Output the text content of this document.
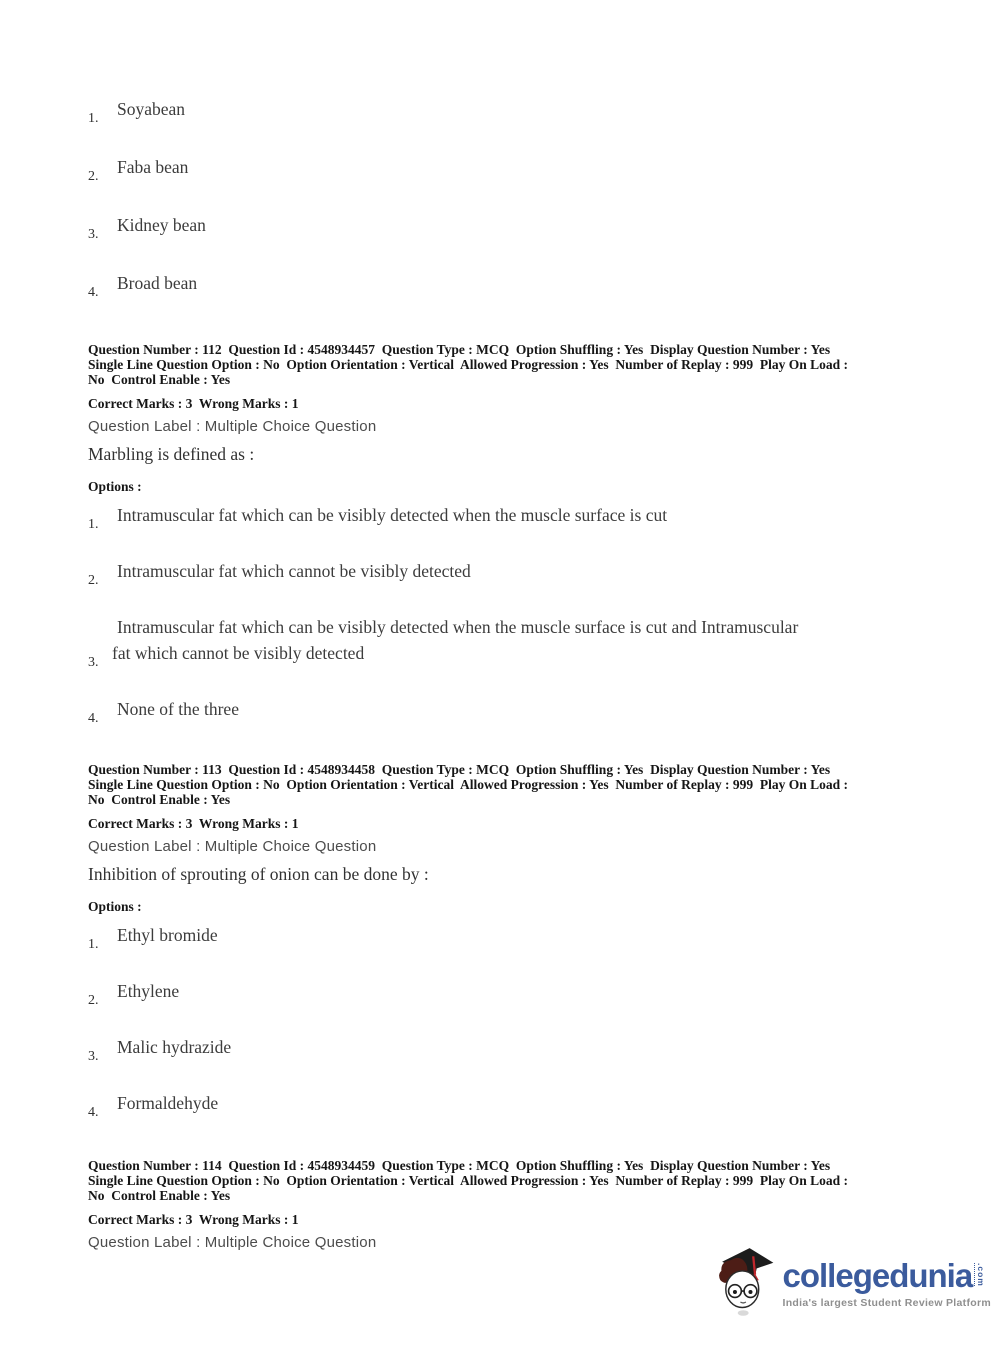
1. Soyabean
2. Faba bean
3. Kidney bean
4. Broad bean
Question Number : 112  Question Id : 4548934457  Question Type : MCQ  Option Shuffling : Yes  Display Question Number : Yes
Single Line Question Option : No  Option Orientation : Vertical  Allowed Progression : Yes  Number of Replay : 999  Play On Load :
No  Control Enable : Yes
Correct Marks : 3  Wrong Marks : 1
Question Label : Multiple Choice Question
Marbling is defined as :
Options :
1. Intramuscular fat which can be visibly detected when the muscle surface is cut
2. Intramuscular fat which cannot be visibly detected
3.
Intramuscular fat which can be visibly detected when the muscle surface is cut and Intramuscular fat which cannot be visibly detected
4. None of the three
Question Number : 113  Question Id : 4548934458  Question Type : MCQ  Option Shuffling : Yes  Display Question Number : Yes
Single Line Question Option : No  Option Orientation : Vertical  Allowed Progression : Yes  Number of Replay : 999  Play On Load :
No  Control Enable : Yes
Correct Marks : 3  Wrong Marks : 1
Question Label : Multiple Choice Question
Inhibition of sprouting of onion can be done by :
Options :
1. Ethyl bromide
2. Ethylene
3. Malic hydrazide
4. Formaldehyde
Question Number : 114  Question Id : 4548934459  Question Type : MCQ  Option Shuffling : Yes  Display Question Number : Yes
Single Line Question Option : No  Option Orientation : Vertical  Allowed Progression : Yes  Number of Replay : 999  Play On Load :
No  Control Enable : Yes
Correct Marks : 3  Wrong Marks : 1
Question Label : Multiple Choice Question
collegedunia .com
India's largest Student Review Platform
